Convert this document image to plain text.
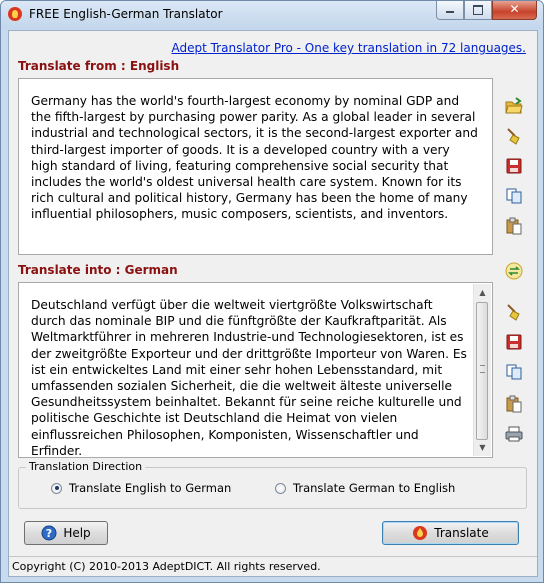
FREE English-German Translator	✕
Adept Translator Pro - One key translation in 72 languages.
Translate from : English
Germany has the world's fourth-largest economy by nominal GDP and the fifth-largest by purchasing power parity. As a global leader in several industrial and technological sectors, it is the second-largest exporter and third-largest importer of goods. It is a developed country with a very high standard of living, featuring comprehensive social security that includes the world's oldest universal health care system. Known for its rich cultural and political history, Germany has been the home of many influential philosophers, music composers, scientists, and inventors.
Translate into : German
Deutschland verfügt über die weltweit viertgrößte Volkswirtschaft durch das nominale BIP und die fünftgrößte der Kaufkraftparität. Als Weltmarktführer in mehreren Industrie-und Technologiesektoren, ist es der zweitgrößte Exporteur und der drittgrößte Importeur von Waren. Es ist ein entwickeltes Land mit einer sehr hohen Lebensstandard, mit umfassenden sozialen Sicherheit, die die weltweit älteste universelle Gesundheitssystem beinhaltet. Bekannt für seine reiche kulturelle und politische Geschichte ist Deutschland die Heimat von vielen einflussreichen Philosophen, Komponisten, Wissenschaftler und Erfinder.
▲
▼
Translation Direction
Translate English to German	Translate German to English
? Help	Translate
Copyright (C) 2010-2013 AdeptDICT. All rights reserved.
